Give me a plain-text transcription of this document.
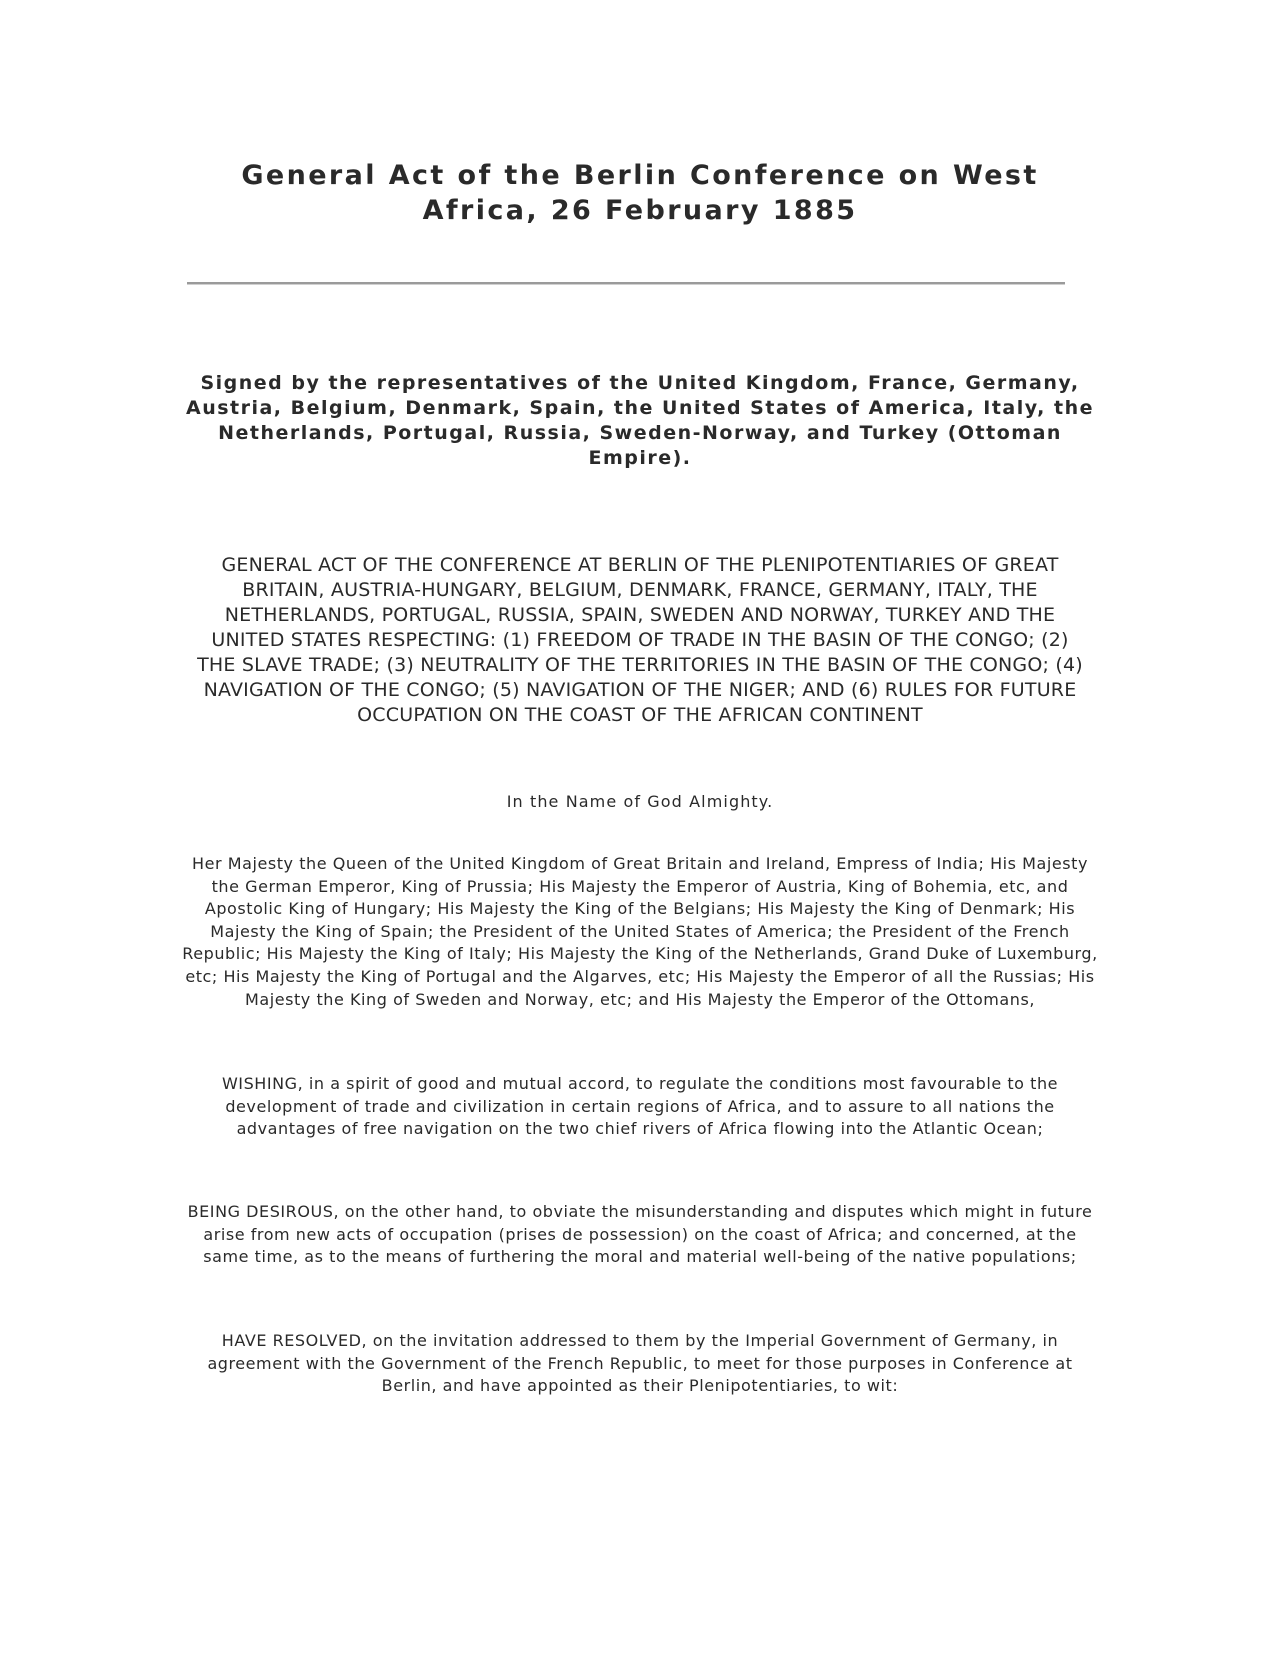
General Act of the Berlin Conference on West Africa, 26 February 1885

Signed by the representatives of the United Kingdom, France, Germany, Austria, Belgium, Denmark, Spain, the United States of America, Italy, the Netherlands, Portugal, Russia, Sweden-Norway, and Turkey (Ottoman Empire).

GENERAL ACT OF THE CONFERENCE AT BERLIN OF THE PLENIPOTENTIARIES OF GREAT BRITAIN, AUSTRIA-HUNGARY, BELGIUM, DENMARK, FRANCE, GERMANY, ITALY, THE NETHERLANDS, PORTUGAL, RUSSIA, SPAIN, SWEDEN AND NORWAY, TURKEY AND THE UNITED STATES RESPECTING: (1) FREEDOM OF TRADE IN THE BASIN OF THE CONGO; (2) THE SLAVE TRADE; (3) NEUTRALITY OF THE TERRITORIES IN THE BASIN OF THE CONGO; (4) NAVIGATION OF THE CONGO; (5) NAVIGATION OF THE NIGER; AND (6) RULES FOR FUTURE OCCUPATION ON THE COAST OF THE AFRICAN CONTINENT

In the Name of God Almighty.

Her Majesty the Queen of the United Kingdom of Great Britain and Ireland, Empress of India; His Majesty the German Emperor, King of Prussia; His Majesty the Emperor of Austria, King of Bohemia, etc, and Apostolic King of Hungary; His Majesty the King of the Belgians; His Majesty the King of Denmark; His Majesty the King of Spain; the President of the United States of America; the President of the French Republic; His Majesty the King of Italy; His Majesty the King of the Netherlands, Grand Duke of Luxemburg, etc; His Majesty the King of Portugal and the Algarves, etc; His Majesty the Emperor of all the Russias; His Majesty the King of Sweden and Norway, etc; and His Majesty the Emperor of the Ottomans,

WISHING, in a spirit of good and mutual accord, to regulate the conditions most favourable to the development of trade and civilization in certain regions of Africa, and to assure to all nations the advantages of free navigation on the two chief rivers of Africa flowing into the Atlantic Ocean;

BEING DESIROUS, on the other hand, to obviate the misunderstanding and disputes which might in future arise from new acts of occupation (prises de possession) on the coast of Africa; and concerned, at the same time, as to the means of furthering the moral and material well-being of the native populations;

HAVE RESOLVED, on the invitation addressed to them by the Imperial Government of Germany, in agreement with the Government of the French Republic, to meet for those purposes in Conference at Berlin, and have appointed as their Plenipotentiaries, to wit:
